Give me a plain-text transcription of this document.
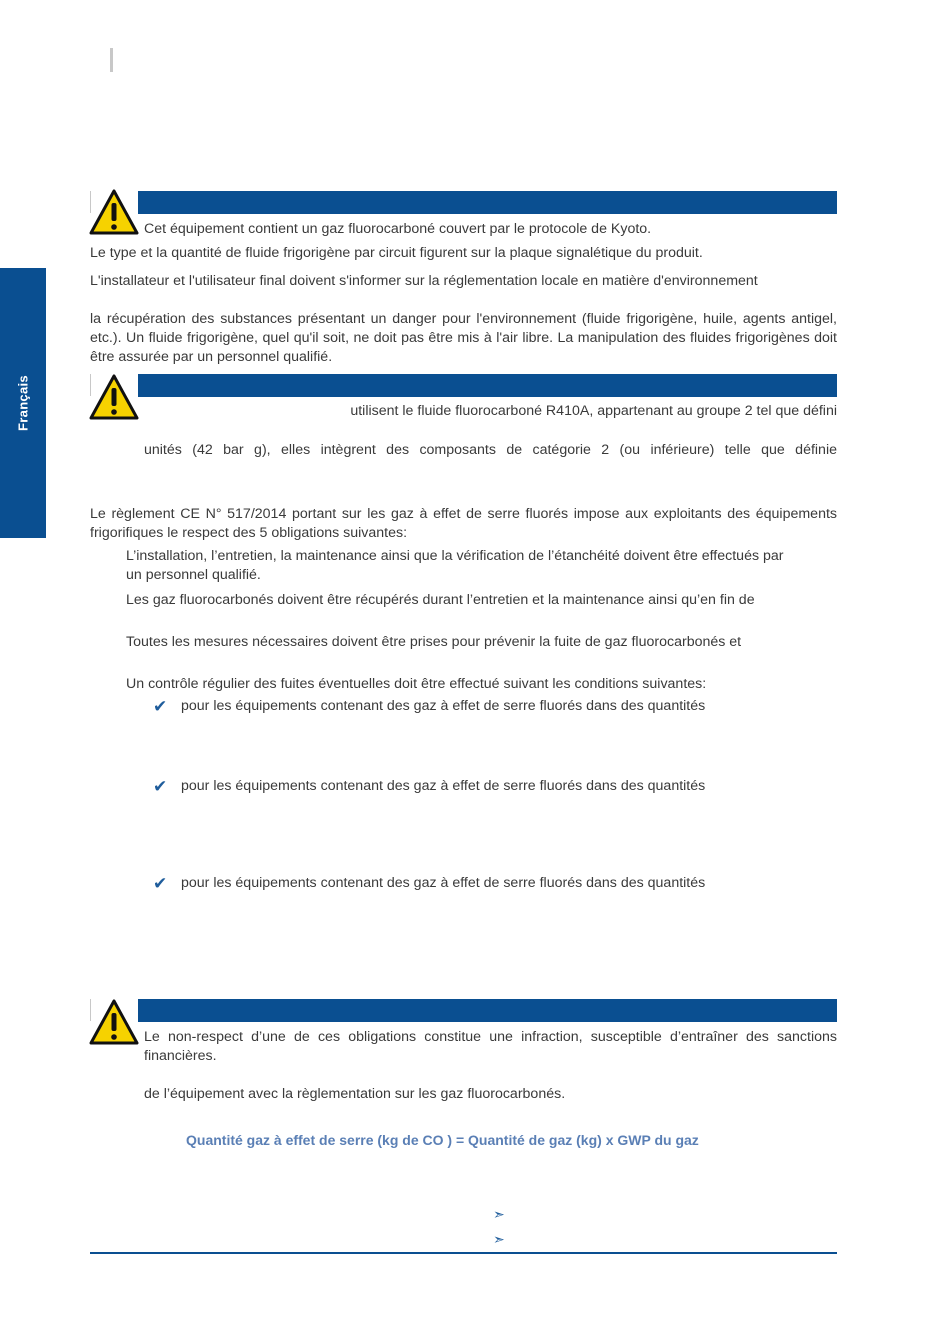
Français
Cet équipement contient un gaz fluorocarboné couvert par le protocole de Kyoto.
Le type et la quantité de fluide frigorigène par circuit figurent sur la plaque signalétique du produit.
L'installateur et l'utilisateur final doivent s'informer sur la réglementation locale en matière d'environnement
la récupération des substances présentant un danger pour l'environnement (fluide frigorigène, huile, agents antigel, etc.). Un fluide frigorigène, quel qu'il soit, ne doit pas être mis à l'air libre. La manipulation des fluides frigorigènes doit être assurée par un personnel qualifié.
utilisent le fluide fluorocarboné R410A, appartenant au groupe 2 tel que défini
unités (42 bar g), elles intègrent des composants de catégorie 2 (ou inférieure) telle que définie
Le règlement CE N° 517/2014 portant sur les gaz à effet de serre fluorés impose aux exploitants des équipements frigorifiques le respect des 5 obligations suivantes:
L’installation, l’entretien, la maintenance ainsi que la vérification de l’étanchéité doivent être effectués par un personnel qualifié.
Les gaz fluorocarbonés doivent être récupérés durant l’entretien et la maintenance ainsi qu’en fin de
Toutes les mesures nécessaires doivent être prises pour prévenir la fuite de gaz fluorocarbonés et
Un contrôle régulier des fuites éventuelles doit être effectué suivant les conditions suivantes:
✔ pour les équipements contenant des gaz à effet de serre fluorés dans des quantités
✔ pour les équipements contenant des gaz à effet de serre fluorés dans des quantités
✔ pour les équipements contenant des gaz à effet de serre fluorés dans des quantités
Le non-respect d’une de ces obligations constitue une infraction, susceptible d’entraîner des sanctions financières.
de l’équipement avec la règlementation sur les gaz fluorocarbonés.
Quantité gaz à effet de serre (kg de CO ) = Quantité de gaz (kg) x GWP du gaz
➣
➣
